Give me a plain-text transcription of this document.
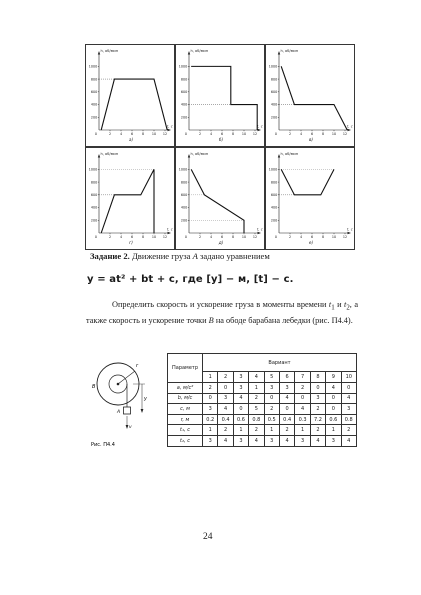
h, об/мин
1000
800
600
400
200
2	4	6	8 10 12
0
t, c
a)
h, об/мин
1000
800
600
400
200
2	4	6	8 10 12
0
t, c
б)
h, об/мин
1000
800
600
400
200
2	4	6	8 10 12
0
t, c
в)
h, об/мин
1000
800
600
400
200
2	4	6	8 10 12
0
t, c
г)
h, об/мин
1000
800
600
400
200
2	4	6	8 10 12
0
t, c
д)
h, об/мин
1000
800
600
400
200
2	4	6	8 10 12
0
t, c
е)
Задание 2. Движение груза A задано уравнением
y = at² + bt + c, где [y] − м, [t] − с.

Определить скорость и ускорение груза в моменты времени $t_1$ и $t_2$, а также скорость и ускорение точки B на ободе барабана лебедки (рис. П4.4).

B
r
y
A
v
Рис. П4.4
Параметр	Вариант									
	1	2	3	4	5	6	7	8	9	10
a, м/c²	2	0	3	1	3	3	2	0	4	0
b, м/c	0	3	4	2	0	4	0	3	0	4
c, м	3	4	0	5	2	0	4	2	0	3
r, м	0.2	0.4	0.6	0.8	0.5	0.4	0.3	7.2	0.6	0.8
t₁, c	1	2	1	2	1	2	1	2	1	2
t₂, c	3	4	3	4	3	4	3	4	3	4
24
